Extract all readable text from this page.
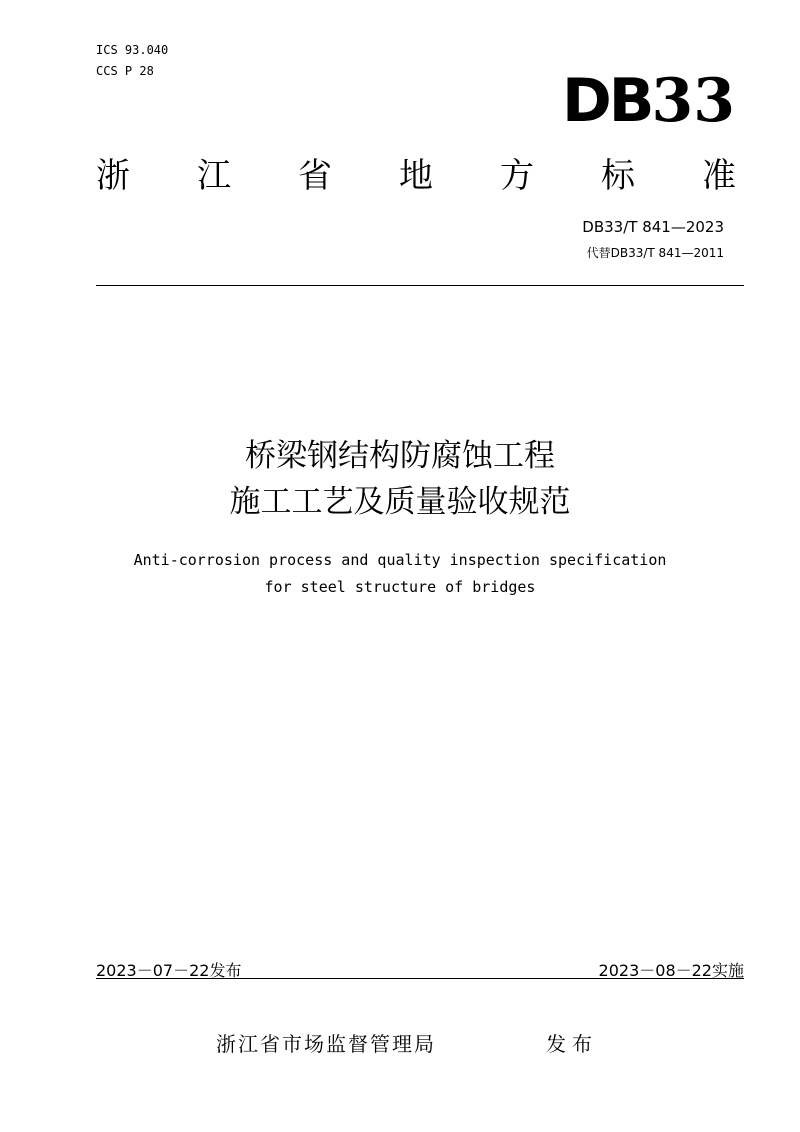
ICS 93.040
CCS P 28	DB33
浙 江 省 地 方 标 准
DB33/T 841—2023
代替DB33/T 841—2011
桥梁钢结构防腐蚀工程
施工工艺及质量验收规范
Anti-corrosion process and quality inspection specification
for steel structure of bridges
2023－07－22发布	2023－08－22实施
浙江省市场监督管理局	发布
